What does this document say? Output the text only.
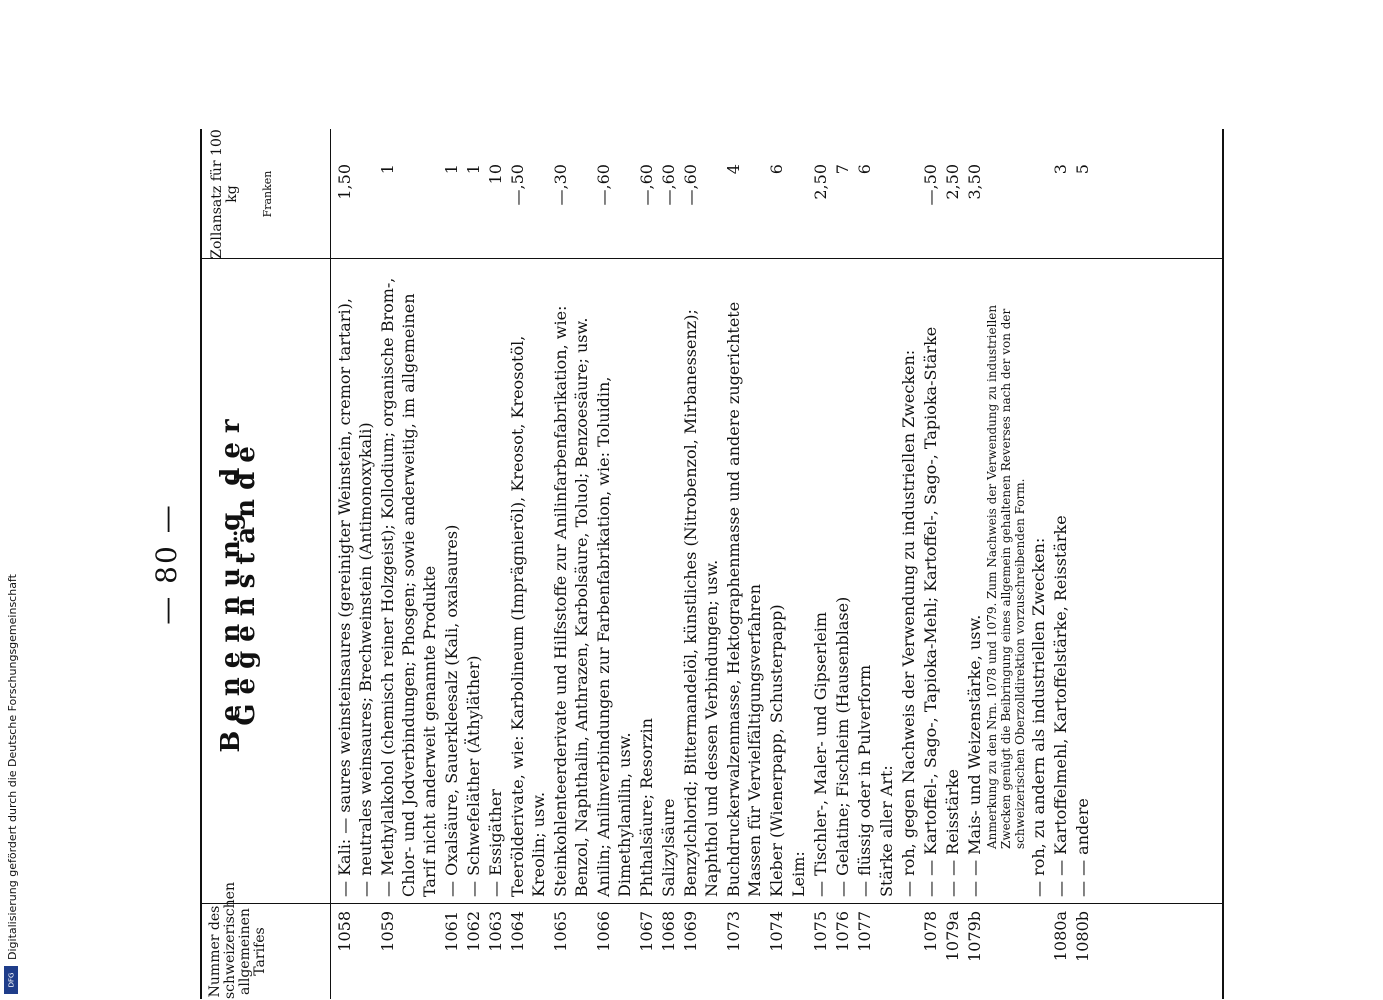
Digitalisierung gefördert durch die Deutsche Forschungsgemeinschaft
DFG
— 80 —
Nummer des schweizerischen allgemeinen Tarifes
Benennung der Gegenstände
Zollansatz für 100 kg Franken
1058
— Kali: — saures weinsteinsaures (gereinigter Weinstein, cremor tartari), — neutrales weinsaures; Brechweinstein (Antimonoxykali)
1,50
1059
— Methylalkohol (chemisch reiner Holzgeist); Kollodium; organische Brom-, Chlor- und Jodverbindungen; Phosgen; sowie anderweitig, im allgemeinen Tarif nicht anderweit genannte Produkte
1
1061
— Oxalsäure, Sauerkleesalz (Kali, oxalsaures)
1
1062
— Schwefeläther (Äthyläther)
1
1063
— Essigäther
10
1064
Teerölderivate, wie: Karbolineum (Imprägnieröl), Kreosot, Kreosotöl, Kreolin; usw.
—,50
1065
Steinkohlenteerderivate und Hilfsstoffe zur Anilinfarbenfabrikation, wie: Benzol, Naphthalin, Anthrazen, Karbolsäure, Toluol; Benzoesäure; usw.
—,30
1066
Anilin; Anilinverbindungen zur Farbenfabrikation, wie: Toluidin, Dimethylanilin, usw.
—,60
1067
Phthalsäure; Resorzin
—,60
1068
Salizylsäure
—,60
1069
Benzylchlorid; Bittermandelöl, künstliches (Nitrobenzol, Mirbanessenz); Naphthol und dessen Verbindungen; usw.
—,60
1073
Buchdruckerwalzenmasse, Hektographenmasse und andere zugerichtete Massen für Vervielfältigungsverfahren
4
1074
Kleber (Wienerpapp, Schusterpapp)
6
Leim:
1075
— Tischler-, Maler- und Gipserleim
2,50
1076
— Gelatine; Fischleim (Hausenblase)
7
1077
— flüssig oder in Pulverform
6
Stärke aller Art: — roh, gegen Nachweis der Verwendung zu industriellen Zwecken:
1078
— — Kartoffel-, Sago-, Tapioka-Mehl; Kartoffel-, Sago-, Tapioka-Stärke
—,50
1079a
— — Reisstärke
2,50
1079b
— — Mais- und Weizenstärke, usw. Anmerkung zu den Nrn. 1078 und 1079. Zum Nachweis der Verwendung zu industriellen Zwecken genügt die Beibringung eines allgemein gehaltenen Reverses nach der von der schweizerischen Oberzolldirektion vorzuschreibenden Form.
3,50
— roh, zu andern als industriellen Zwecken:
1080a
— — Kartoffelmehl, Kartoffelstärke, Reisstärke
3
1080b
— — andere
5
